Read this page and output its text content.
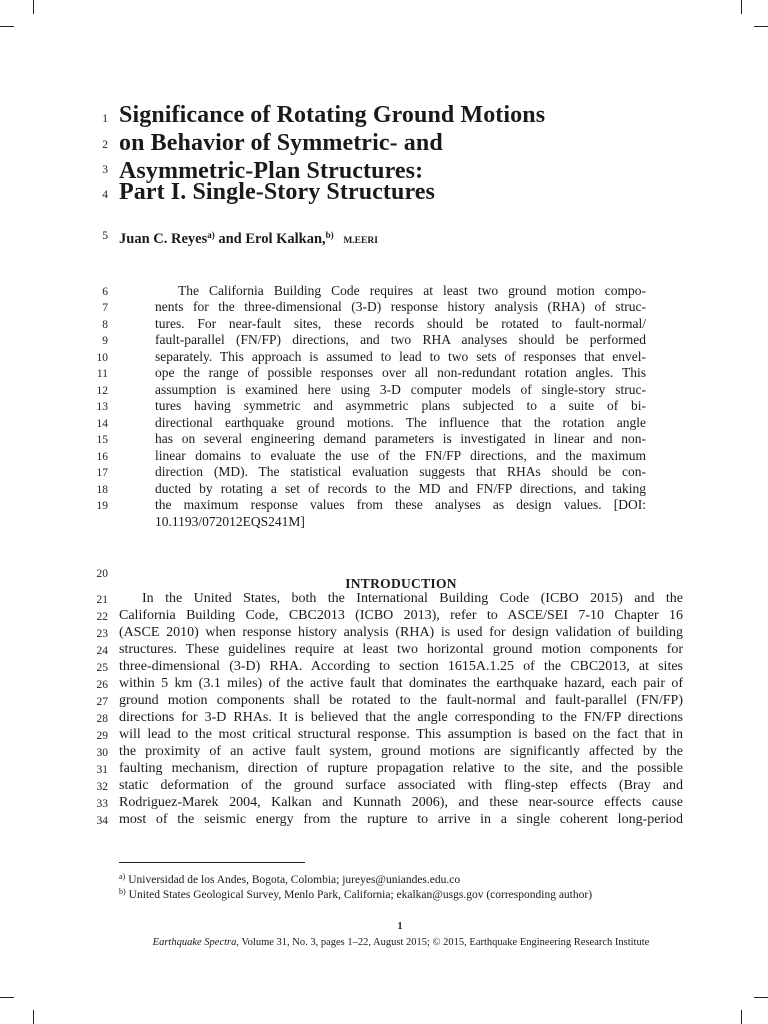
Significance of Rotating Ground Motions
on Behavior of Symmetric- and
Asymmetric-Plan Structures:
Part I. Single-Story Structures
1
2
3
4

Juan C. Reyes$^{a)}$ and Erol Kalkan,$^{b)}$ M.EERI

5
The California Building Code requires at least two ground motion compo-
nents for the three-dimensional (3-D) response history analysis (RHA) of struc-
tures. For near-fault sites, these records should be rotated to fault-normal/
fault-parallel (FN/FP) directions, and two RHA analyses should be performed
separately. This approach is assumed to lead to two sets of responses that envel-
ope the range of possible responses over all non-redundant rotation angles. This
assumption is examined here using 3-D computer models of single-story struc-
tures having symmetric and asymmetric plans subjected to a suite of bi-
directional earthquake ground motions. The influence that the rotation angle
has on several engineering demand parameters is investigated in linear and non-
linear domains to evaluate the use of the FN/FP directions, and the maximum
direction (MD). The statistical evaluation suggests that RHAs should be con-
ducted by rotating a set of records to the MD and FN/FP directions, and taking
the maximum response values from these analyses as design values. [DOI:
10.1193/072012EQS241M]
6
7
8
9
10
11
12
13
14
15
16
17
18
19
INTRODUCTION
20
In the United States, both the International Building Code (ICBO 2015) and the
California Building Code, CBC2013 (ICBO 2013), refer to ASCE/SEI 7-10 Chapter 16
(ASCE 2010) when response history analysis (RHA) is used for design validation of building
structures. These guidelines require at least two horizontal ground motion components for
three-dimensional (3-D) RHA. According to section 1615A.1.25 of the CBC2013, at sites
within 5 km (3.1 miles) of the active fault that dominates the earthquake hazard, each pair of
ground motion components shall be rotated to the fault-normal and fault-parallel (FN/FP)
directions for 3-D RHAs. It is believed that the angle corresponding to the FN/FP directions
will lead to the most critical structural response. This assumption is based on the fact that in
the proximity of an active fault system, ground motions are significantly affected by the
faulting mechanism, direction of rupture propagation relative to the site, and the possible
static deformation of the ground surface associated with fling-step effects (Bray and
Rodriguez-Marek 2004, Kalkan and Kunnath 2006), and these near-source effects cause
most of the seismic energy from the rupture to arrive in a single coherent long-period
21
22
23
24
25
26
27
28
29
30
31
32
33
34
$^{a)}$ Universidad de los Andes, Bogota, Colombia; jureyes@uniandes.edu.co
$^{b)}$ United States Geological Survey, Menlo Park, California; ekalkan@usgs.gov (corresponding author)
1
Earthquake Spectra, Volume 31, No. 3, pages 1–22, August 2015; © 2015, Earthquake Engineering Research Institute
